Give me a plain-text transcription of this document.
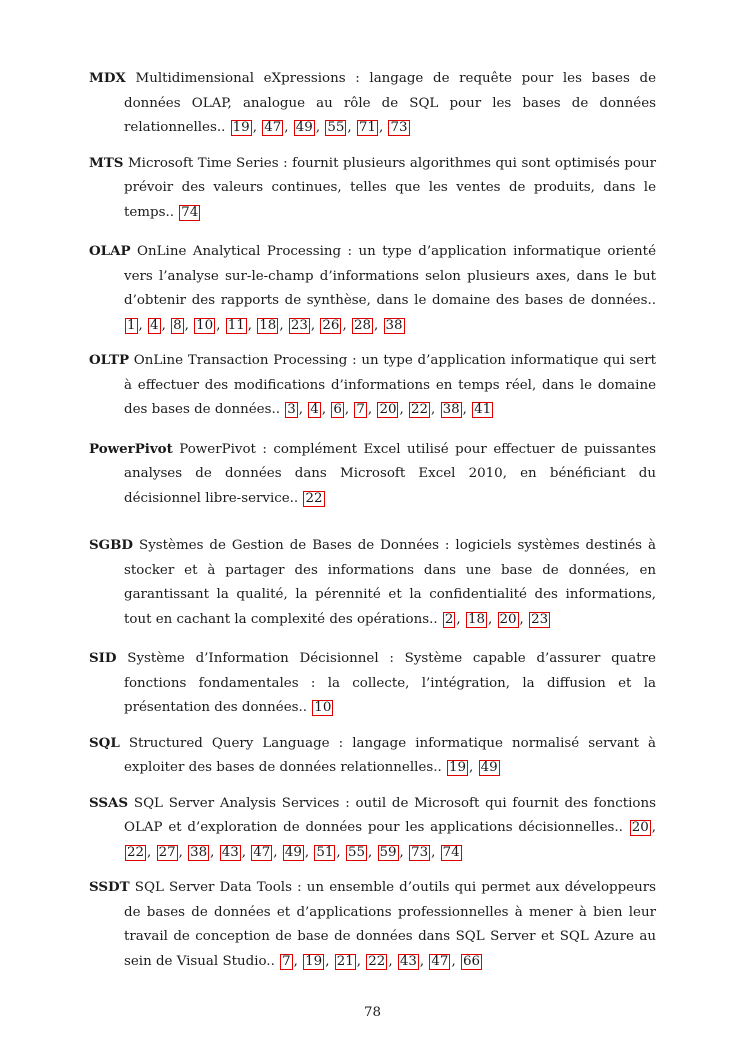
MDX Multidimensional eXpressions : langage de requête pour les bases de données OLAP, analogue au rôle de SQL pour les bases de données relationnelles.. 19 , 47 , 49 , 55 , 71 , 73

MTS Microsoft Time Series : fournit plusieurs algorithmes qui sont optimisés pour prévoir des valeurs continues, telles que les ventes de produits, dans le temps.. 74

OLAP OnLine Analytical Processing : un type d’application informatique orienté vers l’analyse sur-le-champ d’informations selon plusieurs axes, dans le but d’obtenir des rapports de synthèse, dans le domaine des bases de données.. 1 , 4 , 8 , 10 , 11 , 18 , 23 , 26 , 28 , 38

OLTP OnLine Transaction Processing : un type d’application informatique qui sert à effectuer des modifications d’informations en temps réel, dans le domaine des bases de données.. 3 , 4 , 6 , 7 , 20 , 22 , 38 , 41

PowerPivot PowerPivot : complément Excel utilisé pour effectuer de puissantes analyses de données dans Microsoft Excel 2010, en bénéficiant du décisionnel libre-service.. 22

SGBD Systèmes de Gestion de Bases de Données : logiciels systèmes destinés à stocker et à partager des informations dans une base de données, en garantissant la qualité, la pérennité et la confidentialité des informations, tout en cachant la complexité des opérations.. 2 , 18 , 20 , 23

SID Système d’Information Décisionnel : Système capable d’assurer quatre fonctions fondamentales : la collecte, l’intégration, la diffusion et la présentation des données.. 10

SQL Structured Query Language : langage informatique normalisé servant à exploiter des bases de données relationnelles.. 19 , 49

SSAS SQL Server Analysis Services : outil de Microsoft qui fournit des fonctions OLAP et d’exploration de données pour les applications décisionnelles.. 20 , 22 , 27 , 38 , 43 , 47 , 49 , 51 , 55 , 59 , 73 , 74

SSDT SQL Server Data Tools : un ensemble d’outils qui permet aux développeurs de bases de données et d’applications professionnelles à mener à bien leur travail de conception de base de données dans SQL Server et SQL Azure au sein de Visual Studio.. 7 , 19 , 21 , 22 , 43 , 47 , 66

78
